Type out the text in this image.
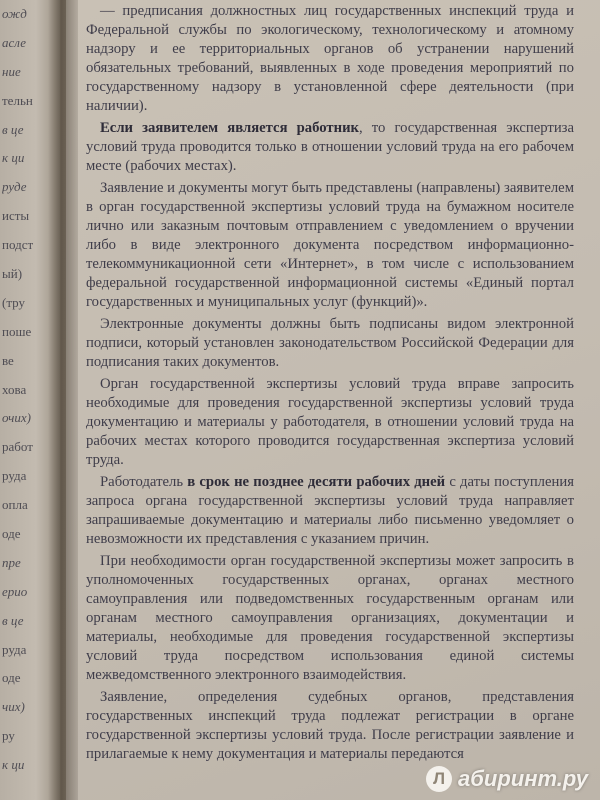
ожд
асле
ние
тельн
в це
к ци
руде
исты
подст
ый)
(тру
поше
ве
хова
очих)
работ
руда
опла
оде
пре
ерио
в це
руда
оде
чих)
ру
к ци

— предписания должностных лиц государственных инспекций труда и Федеральной службы по экологическому, технологическому и атомному надзору и ее территориальных органов об устранении нарушений обязательных требований, выявленных в ходе проведения мероприятий по государственному надзору в установленной сфере деятельности (при наличии).

Если заявителем является работник, то государственная экспертиза условий труда проводится только в отношении условий труда на его рабочем месте (рабочих местах).

Заявление и документы могут быть представлены (направлены) заявителем в орган государственной экспертизы условий труда на бумажном носителе лично или заказным почтовым отправлением с уведомлением о вручении либо в виде электронного документа посредством информационно-телекоммуникационной сети «Интернет», в том числе с использованием федеральной государственной информационной системы «Единый портал государственных и муниципальных услуг (функций)».

Электронные документы должны быть подписаны видом электронной подписи, который установлен законодательством Российской Федерации для подписания таких документов.

Орган государственной экспертизы условий труда вправе запросить необходимые для проведения государственной экспертизы условий труда документацию и материалы у работодателя, в отношении условий труда на рабочих местах которого проводится государственная экспертиза условий труда.

Работодатель в срок не позднее десяти рабочих дней с даты поступления запроса органа государственной экспертизы условий труда направляет запрашиваемые документацию и материалы либо письменно уведомляет о невозможности их представления с указанием причин.

При необходимости орган государственной экспертизы может запросить в уполномоченных государственных органах, органах местного самоуправления или подведомственных государственным органам или органам местного самоуправления организациях, документации и материалы, необходимые для проведения государственной экспертизы условий труда посредством использования единой системы межведомственного электронного взаимодействия.

Заявление, определения судебных органов, представления государственных инспекций труда подлежат регистрации в органе государственной экспертизы условий труда. После регистрации заявление и прилагаемые к нему документация и материалы передаются

Л абиринт.ру
